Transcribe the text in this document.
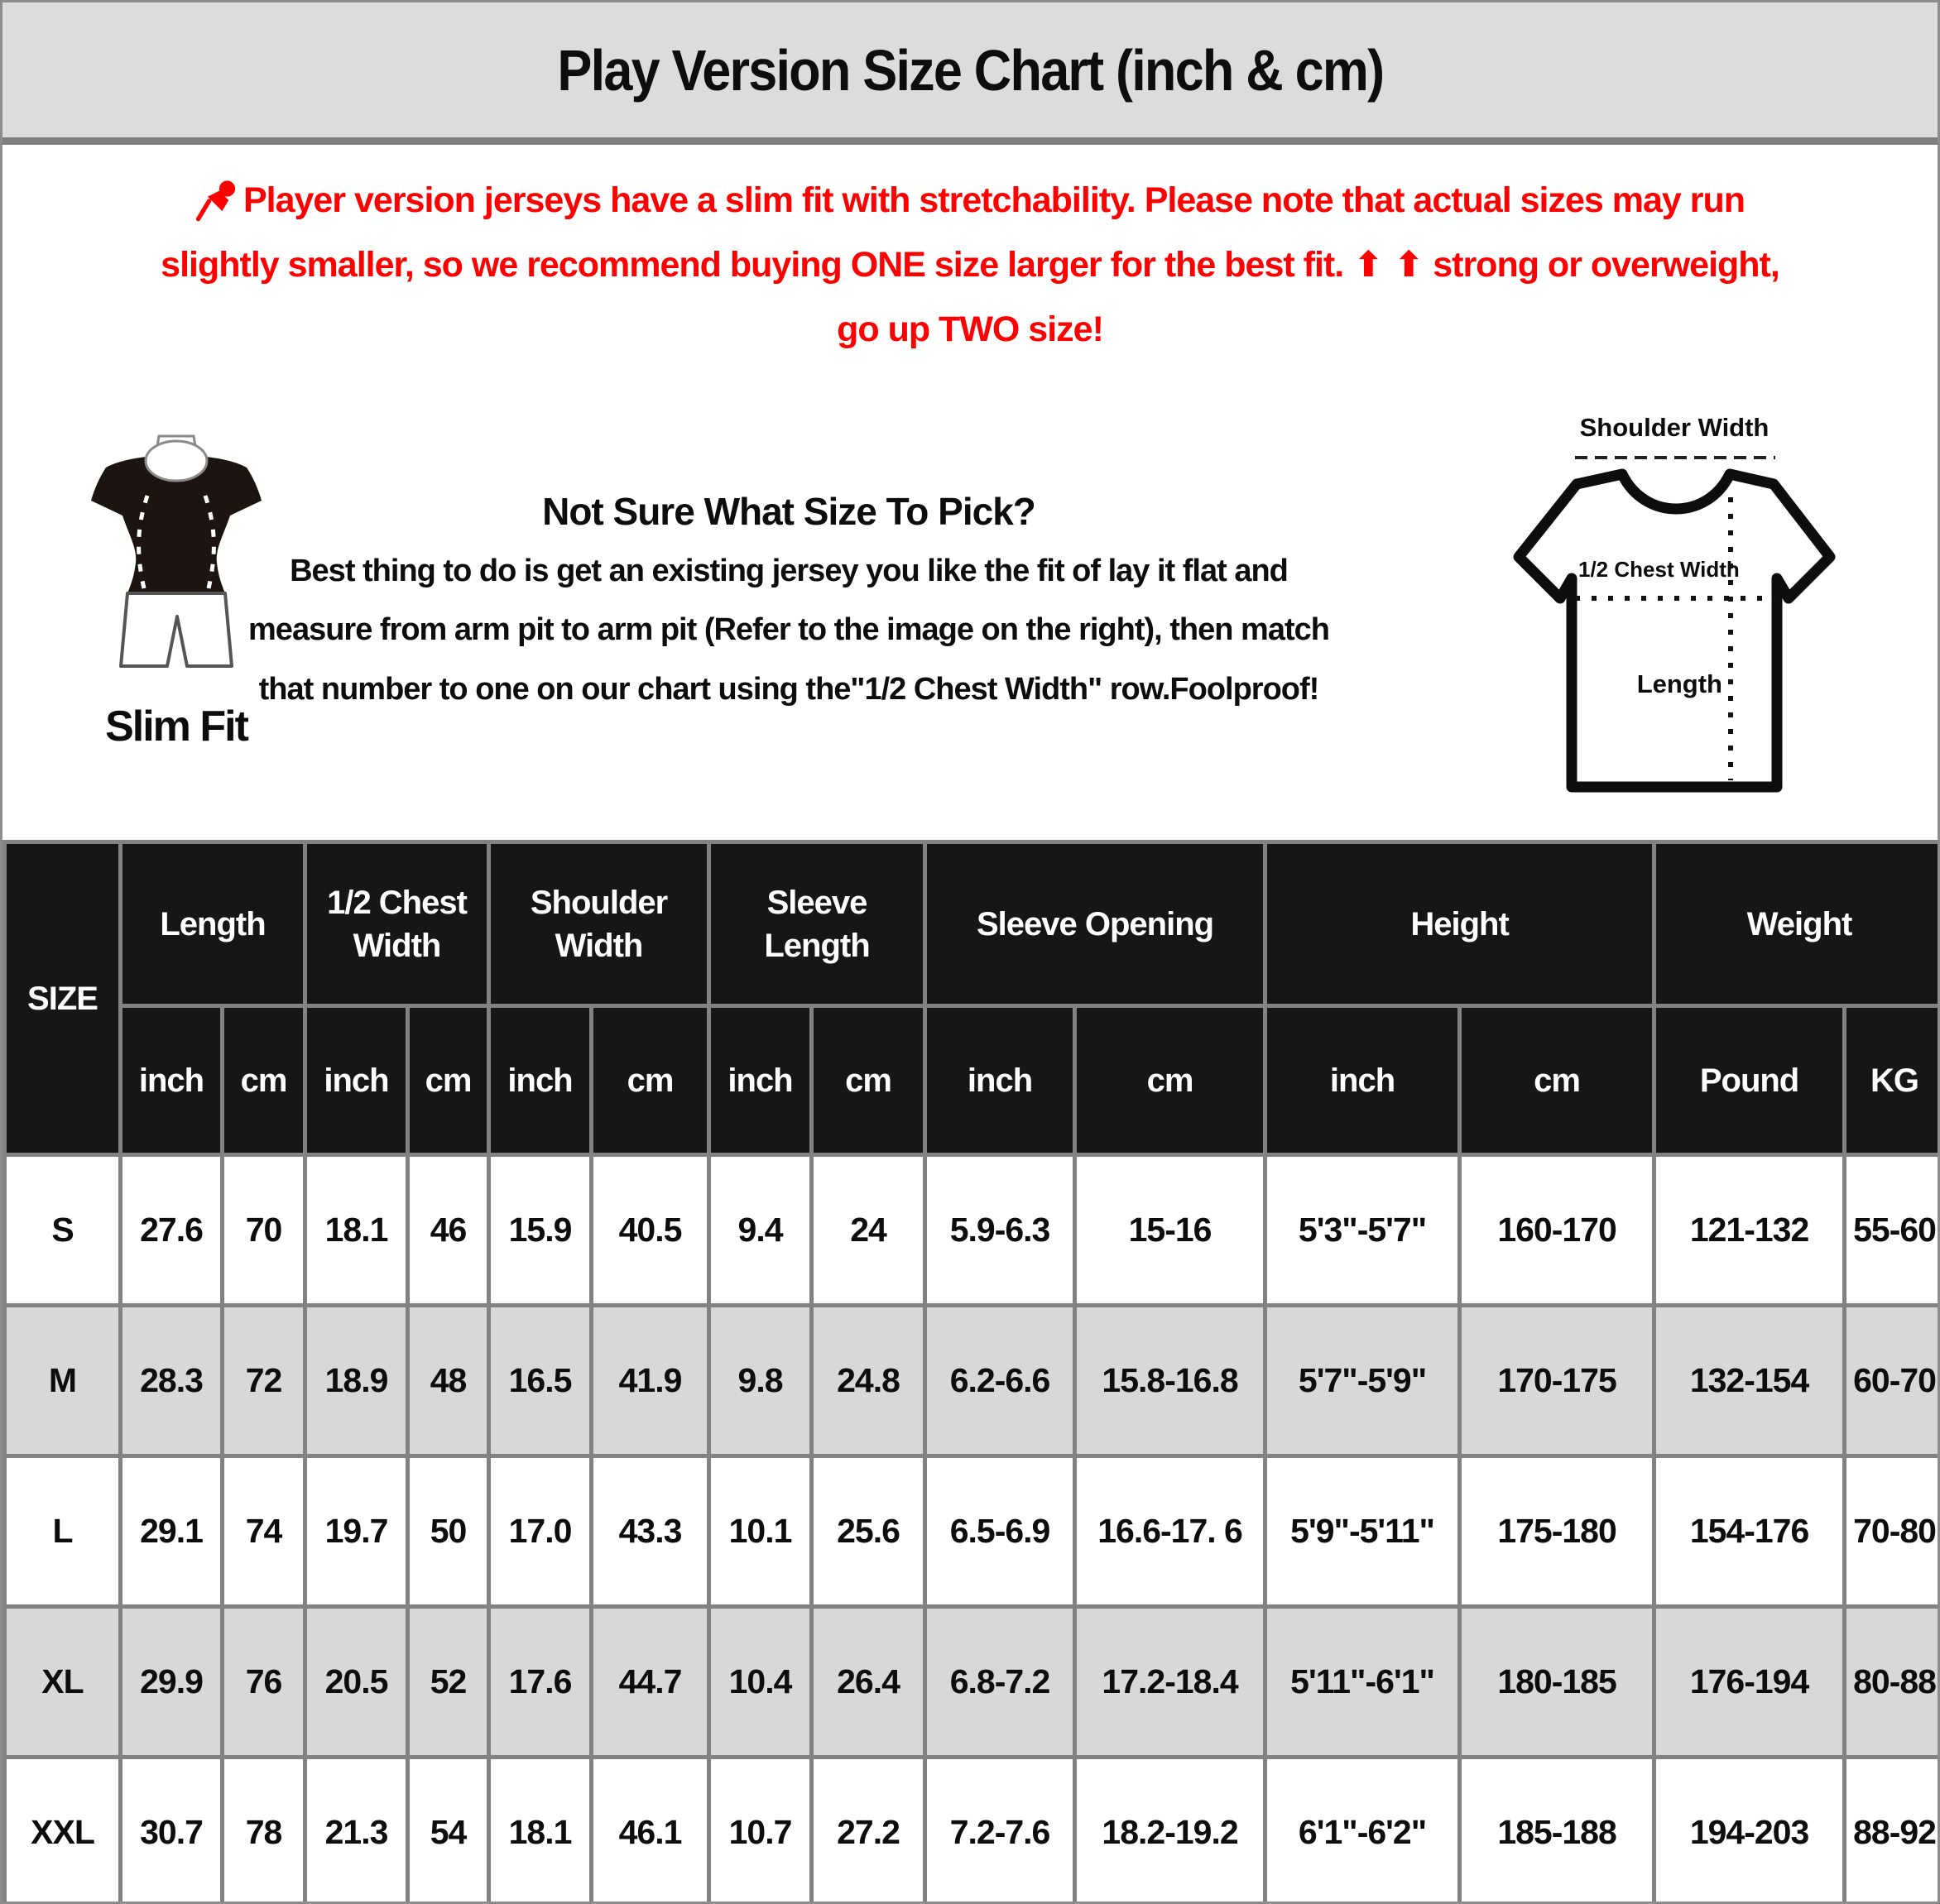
Play Version Size Chart (inch & cm)
Player version jerseys have a slim fit with stretchability. Please note that actual sizes may run
slightly smaller, so we recommend buying ONE size larger for the best fit. ⬆ ⬆ strong or overweight,
go up TWO size!
Slim Fit
Not Sure What Size To Pick?
Best thing to do is get an existing jersey you like the fit of lay it flat and measure from arm pit to arm pit (Refer to the image on the right), then match that number to one on our chart using the"1/2 Chest Width" row.Foolproof!
Shoulder Width
1/2 Chest Width
Length
SIZE	Length		1/2 Chest Width		Shoulder Width		Sleeve Length		Sleeve Opening		Height		Weight	
	inch	cm	inch	cm	inch	cm	inch	cm	inch	cm	inch	cm	Pound	KG
S	27.6	70	18.1	46	15.9	40.5	9.4	24	5.9-6.3	15-16	5'3"-5'7"	160-170	121-132	55-60
M	28.3	72	18.9	48	16.5	41.9	9.8	24.8	6.2-6.6	15.8-16.8	5'7"-5'9"	170-175	132-154	60-70
L	29.1	74	19.7	50	17.0	43.3	10.1	25.6	6.5-6.9	16.6-17. 6	5'9"-5'11"	175-180	154-176	70-80
XL	29.9	76	20.5	52	17.6	44.7	10.4	26.4	6.8-7.2	17.2-18.4	5'11"-6'1"	180-185	176-194	80-88
XXL	30.7	78	21.3	54	18.1	46.1	10.7	27.2	7.2-7.6	18.2-19.2	6'1"-6'2"	185-188	194-203	88-92
